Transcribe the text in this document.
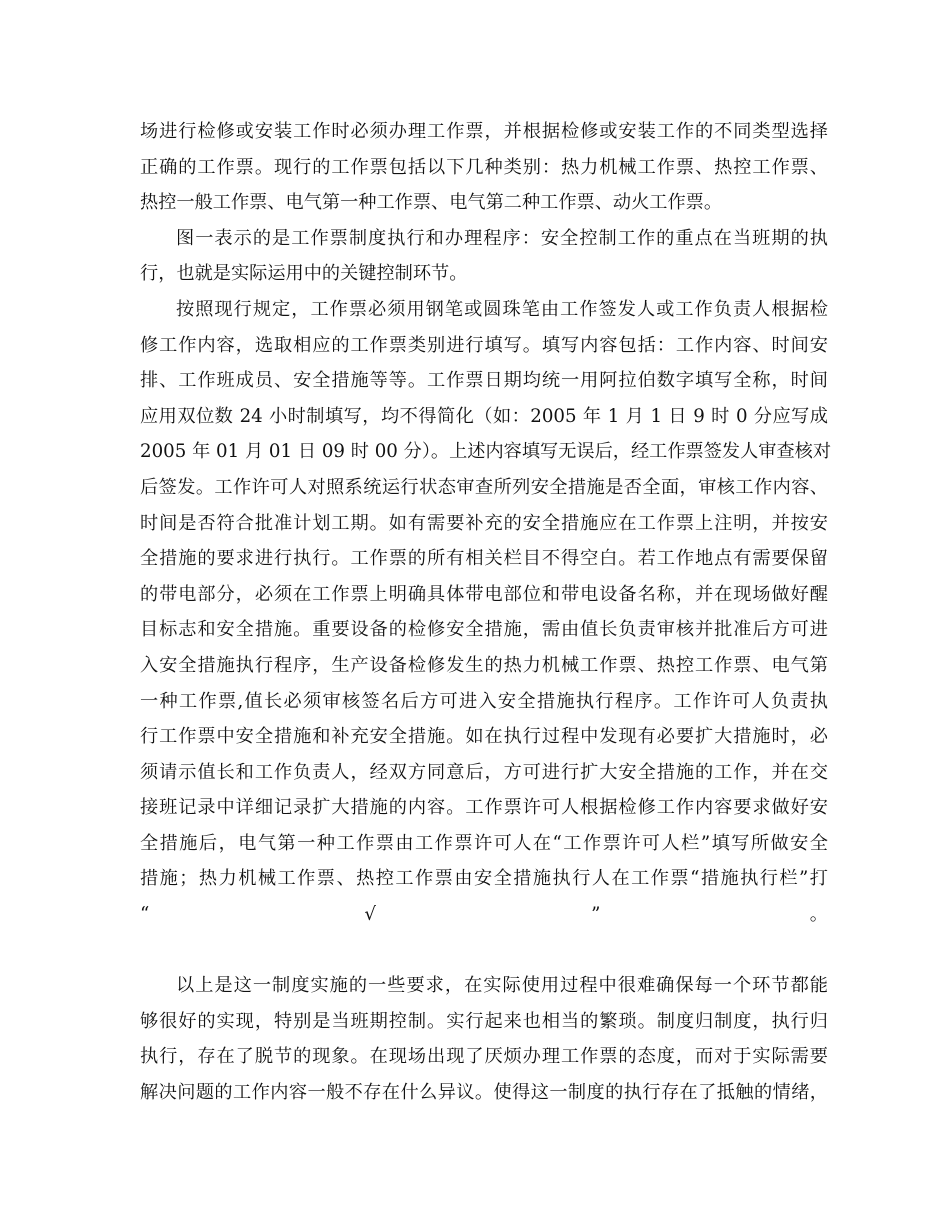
场进行检修或安装工作时必须办理工作票，并根据检修或安装工作的不同类型选择
正确的工作票。现行的工作票包括以下几种类别：热力机械工作票、热控工作票、
热控一般工作票、电气第一种工作票、电气第二种工作票、动火工作票。
图一表示的是工作票制度执行和办理程序：安全控制工作的重点在当班期的执
行，也就是实际运用中的关键控制环节。
按照现行规定，工作票必须用钢笔或圆珠笔由工作签发人或工作负责人根据检
修工作内容，选取相应的工作票类别进行填写。填写内容包括：工作内容、时间安
排、工作班成员、安全措施等等。工作票日期均统一用阿拉伯数字填写全称，时间
应用双位数 24 小时制填写，均不得简化（如：2005 年 1 月 1 日 9 时 0 分应写成
2005 年 01 月 01 日 09 时 00 分）。上述内容填写无误后，经工作票签发人审查核对
后签发。工作许可人对照系统运行状态审查所列安全措施是否全面，审核工作内容、
时间是否符合批准计划工期。如有需要补充的安全措施应在工作票上注明，并按安
全措施的要求进行执行。工作票的所有相关栏目不得空白。若工作地点有需要保留
的带电部分，必须在工作票上明确具体带电部位和带电设备名称，并在现场做好醒
目标志和安全措施。重要设备的检修安全措施，需由值长负责审核并批准后方可进
入安全措施执行程序，生产设备检修发生的热力机械工作票、热控工作票、电气第
一种工作票,值长必须审核签名后方可进入安全措施执行程序。工作许可人负责执
行工作票中安全措施和补充安全措施。如在执行过程中发现有必要扩大措施时，必
须请示值长和工作负责人，经双方同意后，方可进行扩大安全措施的工作，并在交
接班记录中详细记录扩大措施的内容。工作票许可人根据检修工作内容要求做好安
全措施后，电气第一种工作票由工作票许可人在“工作票许可人栏”填写所做安全
措施；热力机械工作票、热控工作票由安全措施执行人在工作票“措施执行栏”打
“ √ ”。
以上是这一制度实施的一些要求，在实际使用过程中很难确保每一个环节都能
够很好的实现，特别是当班期控制。实行起来也相当的繁琐。制度归制度，执行归
执行，存在了脱节的现象。在现场出现了厌烦办理工作票的态度，而对于实际需要
解决问题的工作内容一般不存在什么异议。使得这一制度的执行存在了抵触的情绪，
